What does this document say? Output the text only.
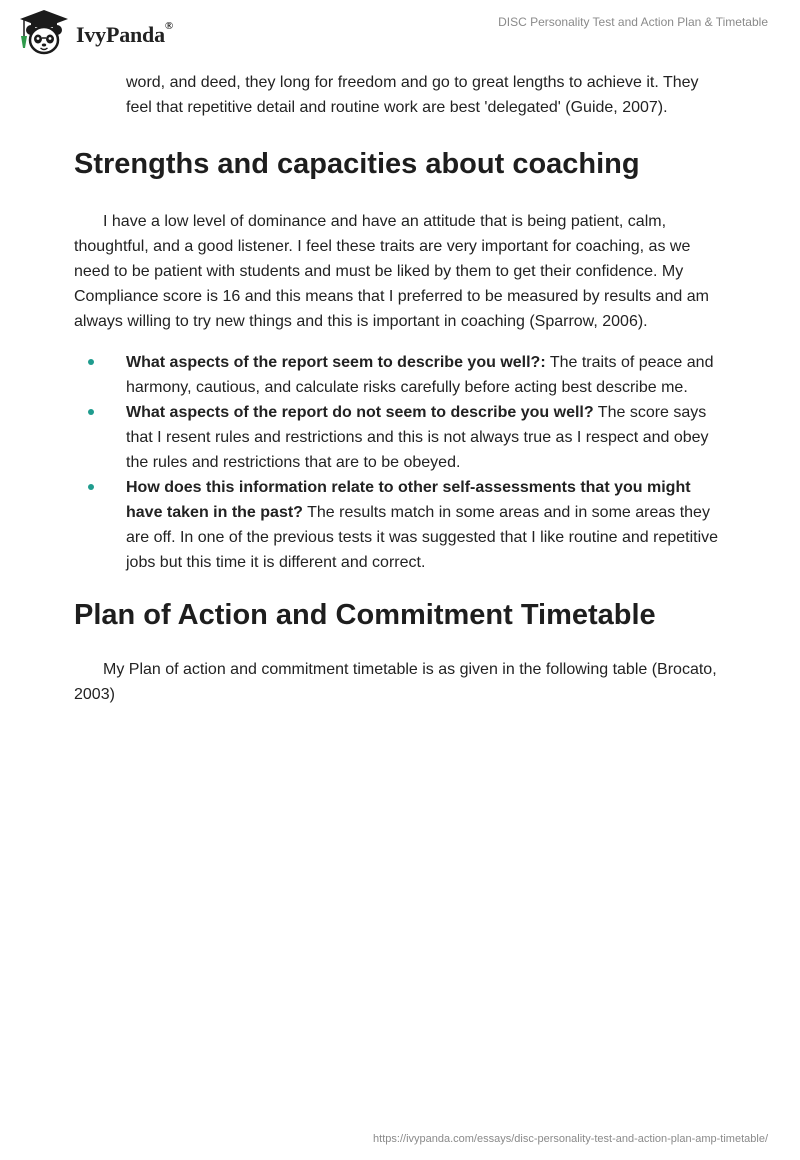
IvyPanda®	DISC Personality Test and Action Plan & Timetable

word, and deed, they long for freedom and go to great lengths to achieve it. They feel that repetitive detail and routine work are best 'delegated' (Guide, 2007).

Strengths and capacities about coaching

I have a low level of dominance and have an attitude that is being patient, calm, thoughtful, and a good listener. I feel these traits are very important for coaching, as we need to be patient with students and must be liked by them to get their confidence. My Compliance score is 16 and this means that I preferred to be measured by results and am always willing to try new things and this is important in coaching (Sparrow, 2006).

What aspects of the report seem to describe you well?: The traits of peace and harmony, cautious, and calculate risks carefully before acting best describe me.
What aspects of the report do not seem to describe you well? The score says that I resent rules and restrictions and this is not always true as I respect and obey the rules and restrictions that are to be obeyed.
How does this information relate to other self-assessments that you might have taken in the past? The results match in some areas and in some areas they are off. In one of the previous tests it was suggested that I like routine and repetitive jobs but this time it is different and correct.
Plan of Action and Commitment Timetable

My Plan of action and commitment timetable is as given in the following table (Brocato, 2003)

https://ivypanda.com/essays/disc-personality-test-and-action-plan-amp-timetable/
